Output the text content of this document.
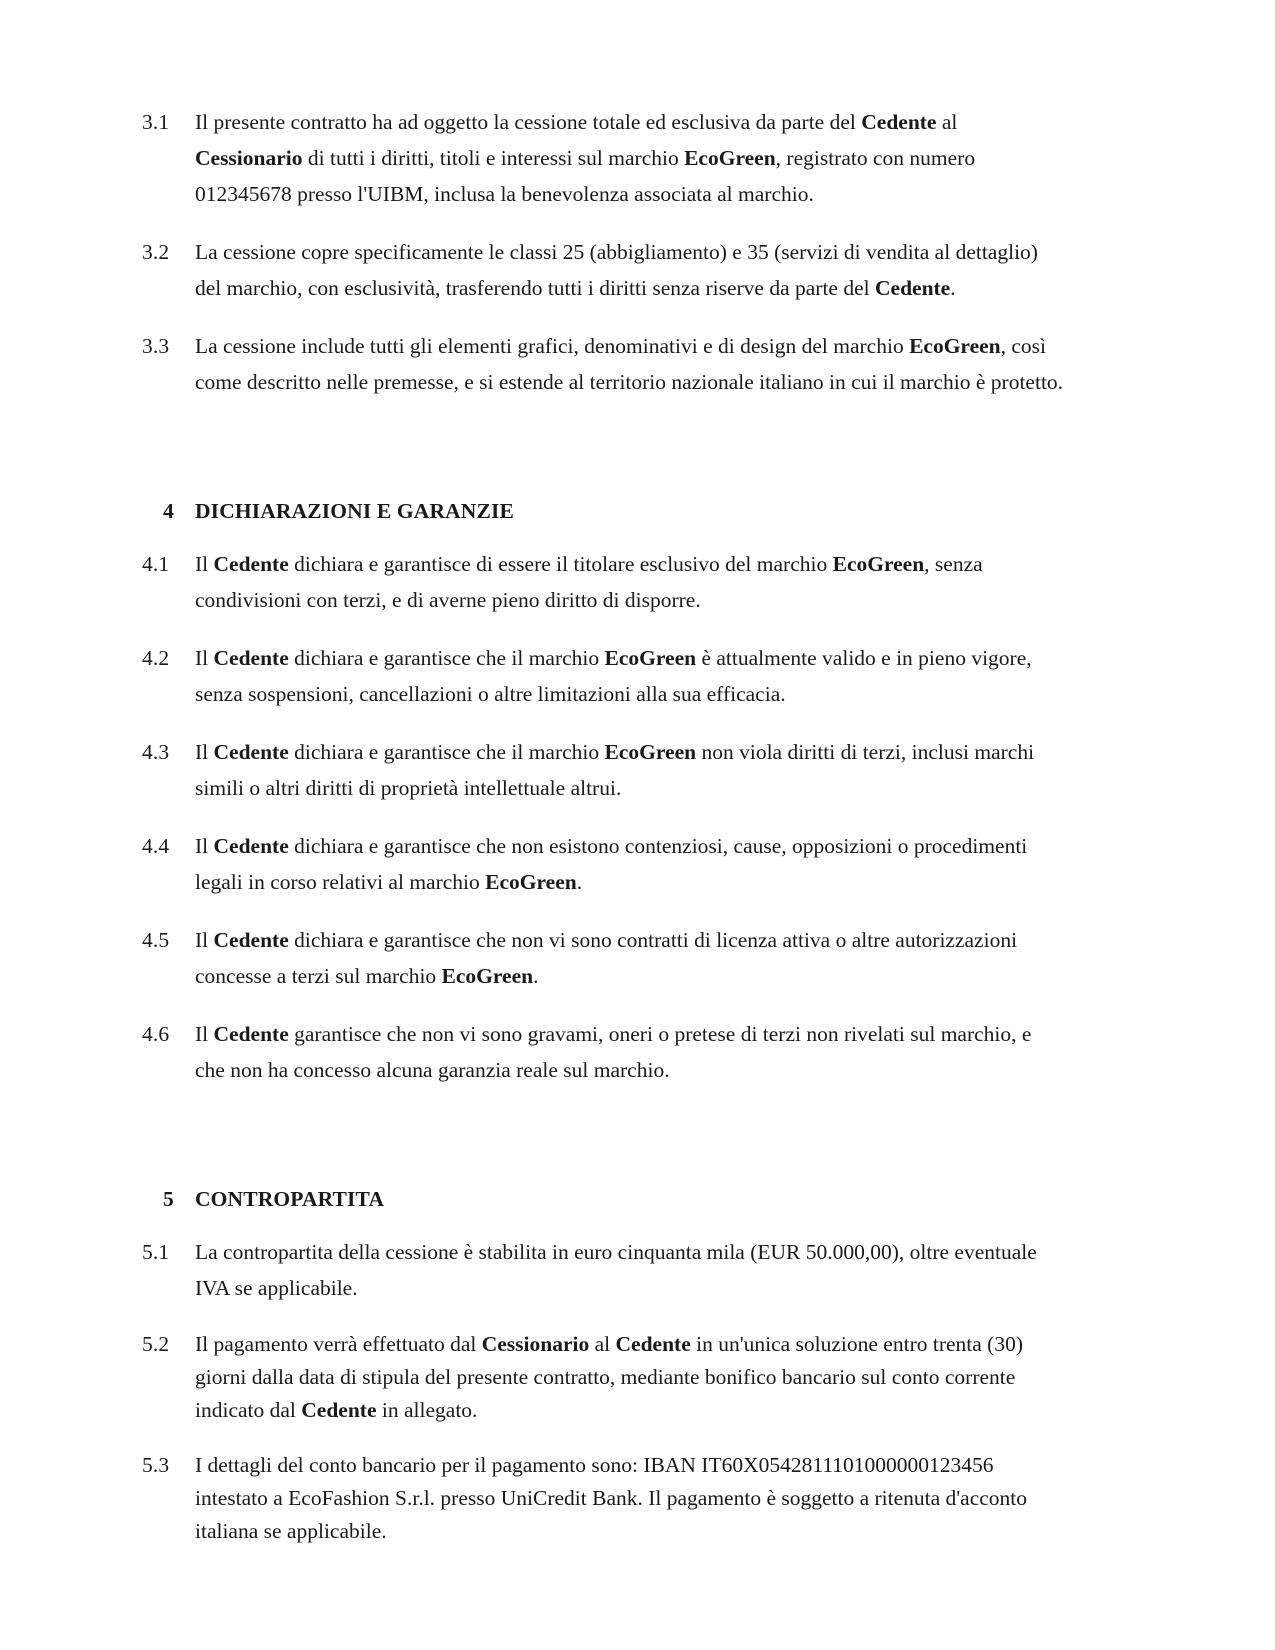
3.1	Il presente contratto ha ad oggetto la cessione totale ed esclusiva da parte del Cedente al Cessionario di tutti i diritti, titoli e interessi sul marchio EcoGreen, registrato con numero 012345678 presso l'UIBM, inclusa la benevolenza associata al marchio.
3.2	La cessione copre specificamente le classi 25 (abbigliamento) e 35 (servizi di vendita al dettaglio) del marchio, con esclusività, trasferendo tutti i diritti senza riserve da parte del Cedente.
3.3	La cessione include tutti gli elementi grafici, denominativi e di design del marchio EcoGreen, così come descritto nelle premesse, e si estende al territorio nazionale italiano in cui il marchio è protetto.
4 DICHIARAZIONI E GARANZIE
4.1	Il Cedente dichiara e garantisce di essere il titolare esclusivo del marchio EcoGreen, senza condivisioni con terzi, e di averne pieno diritto di disporre.
4.2	Il Cedente dichiara e garantisce che il marchio EcoGreen è attualmente valido e in pieno vigore, senza sospensioni, cancellazioni o altre limitazioni alla sua efficacia.
4.3	Il Cedente dichiara e garantisce che il marchio EcoGreen non viola diritti di terzi, inclusi marchi simili o altri diritti di proprietà intellettuale altrui.
4.4	Il Cedente dichiara e garantisce che non esistono contenziosi, cause, opposizioni o procedimenti legali in corso relativi al marchio EcoGreen.
4.5	Il Cedente dichiara e garantisce che non vi sono contratti di licenza attiva o altre autorizzazioni concesse a terzi sul marchio EcoGreen.
4.6	Il Cedente garantisce che non vi sono gravami, oneri o pretese di terzi non rivelati sul marchio, e che non ha concesso alcuna garanzia reale sul marchio.
5 CONTROPARTITA
5.1	La contropartita della cessione è stabilita in euro cinquanta mila (EUR 50.000,00), oltre eventuale IVA se applicabile.
5.2	Il pagamento verrà effettuato dal Cessionario al Cedente in un'unica soluzione entro trenta (30) giorni dalla data di stipula del presente contratto, mediante bonifico bancario sul conto corrente indicato dal Cedente in allegato.
5.3	I dettagli del conto bancario per il pagamento sono: IBAN IT60X0542811101000000123456 intestato a EcoFashion S.r.l. presso UniCredit Bank. Il pagamento è soggetto a ritenuta d'acconto italiana se applicabile.
